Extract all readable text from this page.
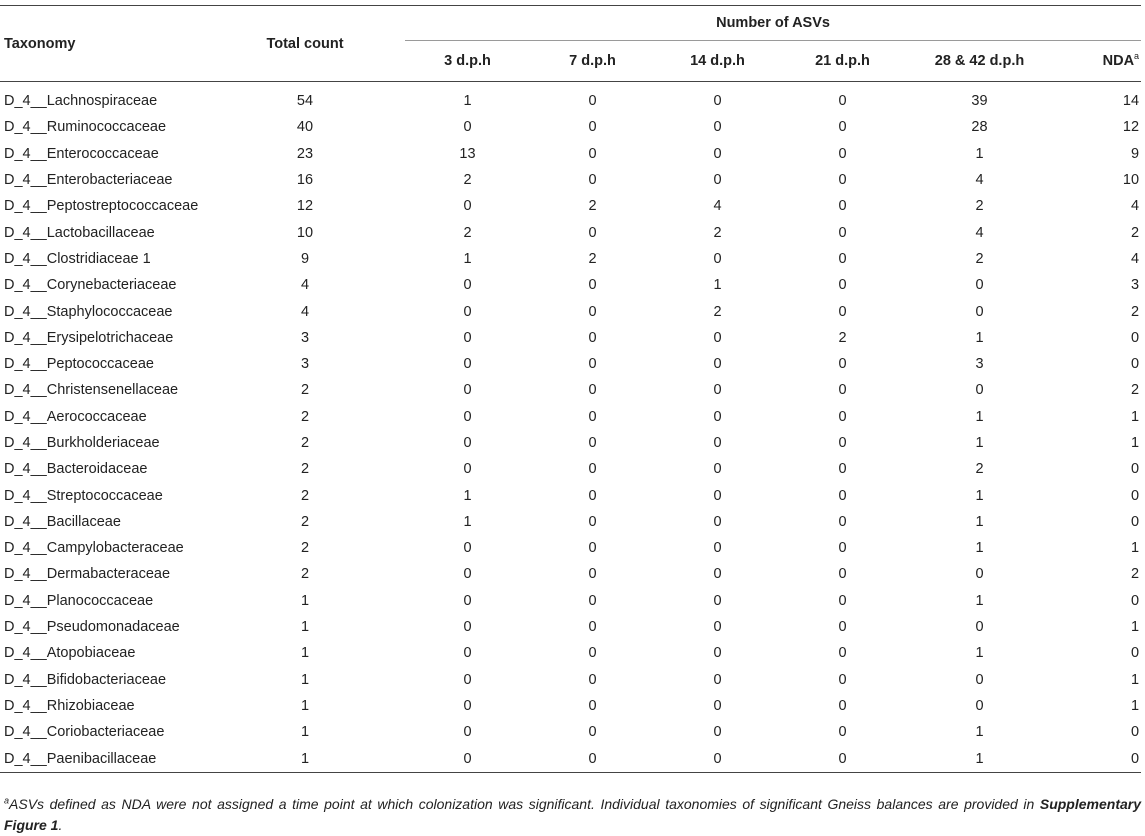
Taxonomy	Total count	Number of ASVs					
		3 d.p.h	7 d.p.h	14 d.p.h	21 d.p.h	28 & 42 d.p.h	NDA$^a$

D_4__Lachnospiraceae	54	1	0	0	0	39	14
D_4__Ruminococcaceae	40	0	0	0	0	28	12
D_4__Enterococcaceae	23	13	0	0	0	1	9
D_4__Enterobacteriaceae	16	2	0	0	0	4	10
D_4__Peptostreptococcaceae	12	0	2	4	0	2	4
D_4__Lactobacillaceae	10	2	0	2	0	4	2
D_4__Clostridiaceae 1	9	1	2	0	0	2	4
D_4__Corynebacteriaceae	4	0	0	1	0	0	3
D_4__Staphylococcaceae	4	0	0	2	0	0	2
D_4__Erysipelotrichaceae	3	0	0	0	2	1	0
D_4__Peptococcaceae	3	0	0	0	0	3	0
D_4__Christensenellaceae	2	0	0	0	0	0	2
D_4__Aerococcaceae	2	0	0	0	0	1	1
D_4__Burkholderiaceae	2	0	0	0	0	1	1
D_4__Bacteroidaceae	2	0	0	0	0	2	0
D_4__Streptococcaceae	2	1	0	0	0	1	0
D_4__Bacillaceae	2	1	0	0	0	1	0
D_4__Campylobacteraceae	2	0	0	0	0	1	1
D_4__Dermabacteraceae	2	0	0	0	0	0	2
D_4__Planococcaceae	1	0	0	0	0	1	0
D_4__Pseudomonadaceae	1	0	0	0	0	0	1
D_4__Atopobiaceae	1	0	0	0	0	1	0
D_4__Bifidobacteriaceae	1	0	0	0	0	0	1
D_4__Rhizobiaceae	1	0	0	0	0	0	1
D_4__Coriobacteriaceae	1	0	0	0	0	1	0
D_4__Paenibacillaceae	1	0	0	0	0	1	0
$^a$ASVs defined as NDA were not assigned a time point at which colonization was significant. Individual taxonomies of significant Gneiss balances are provided in Supplementary Figure 1.
